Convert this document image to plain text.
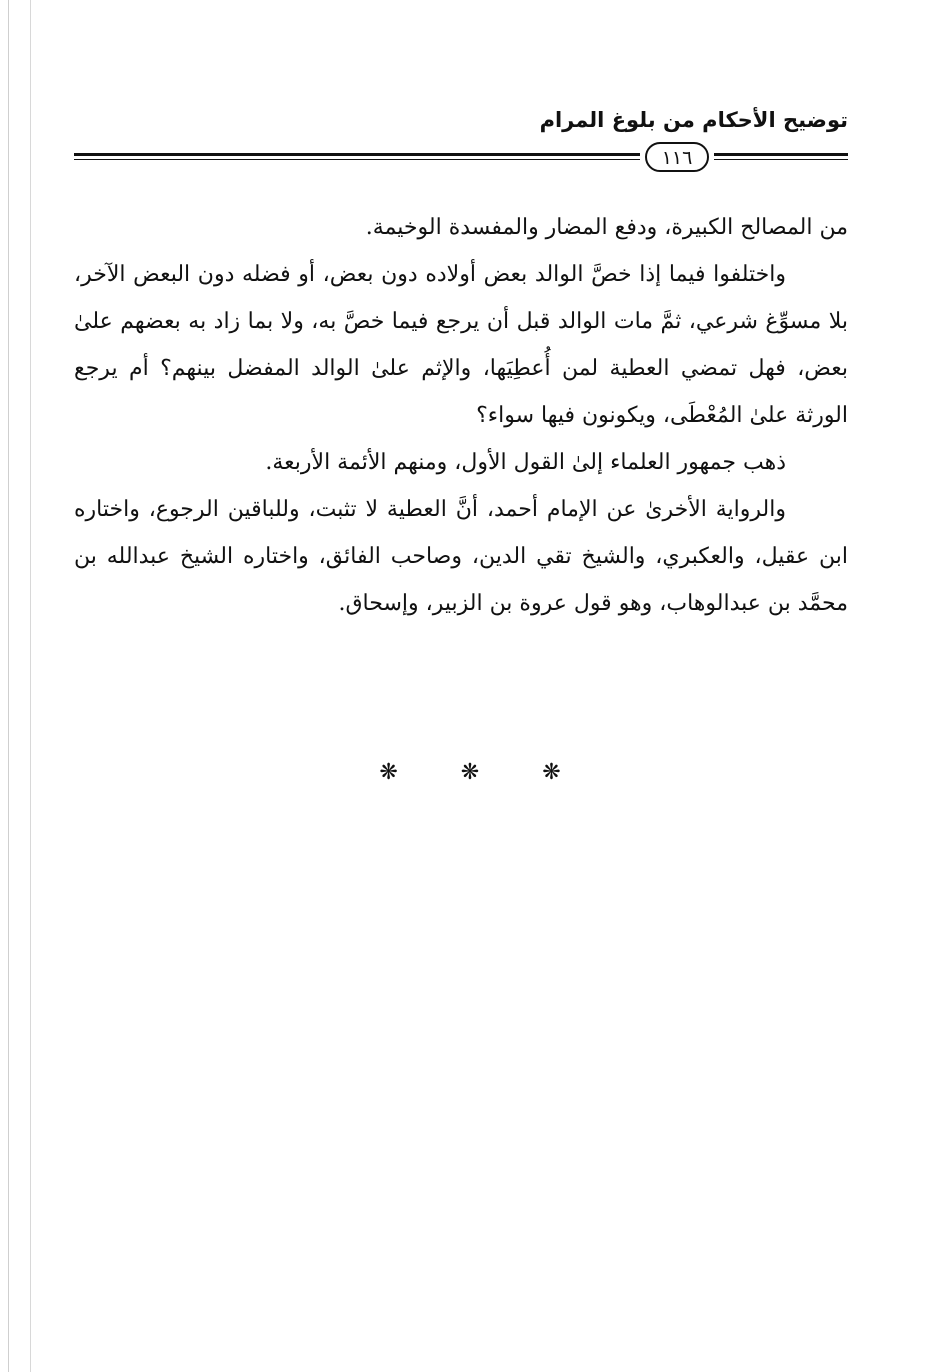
توضيح الأحكام من بلوغ المرام
١١٦

من المصالح الكبيرة، ودفع المضار والمفسدة الوخيمة.

واختلفوا فيما إذا خصَّ الوالد بعض أولاده دون بعض، أو فضله دون البعض الآخر، بلا مسوِّغ شرعي، ثمَّ مات الوالد قبل أن يرجع فيما خصَّ به، ولا بما زاد به بعضهم علىٰ بعض، فهل تمضي العطية لمن أُعطِيَها، والإثم علىٰ الوالد المفضل بينهم؟ أم يرجع الورثة علىٰ المُعْطَى، ويكونون فيها سواء؟

ذهب جمهور العلماء إلىٰ القول الأول، ومنهم الأئمة الأربعة.

والرواية الأخرىٰ عن الإمام أحمد، أنَّ العطية لا تثبت، وللباقين الرجوع، واختاره ابن عقيل، والعكبري، والشيخ تقي الدين، وصاحب الفائق، واختاره الشيخ عبدالله بن محمَّد بن عبدالوهاب، وهو قول عروة بن الزبير، وإسحاق.

❋ ❋ ❋
